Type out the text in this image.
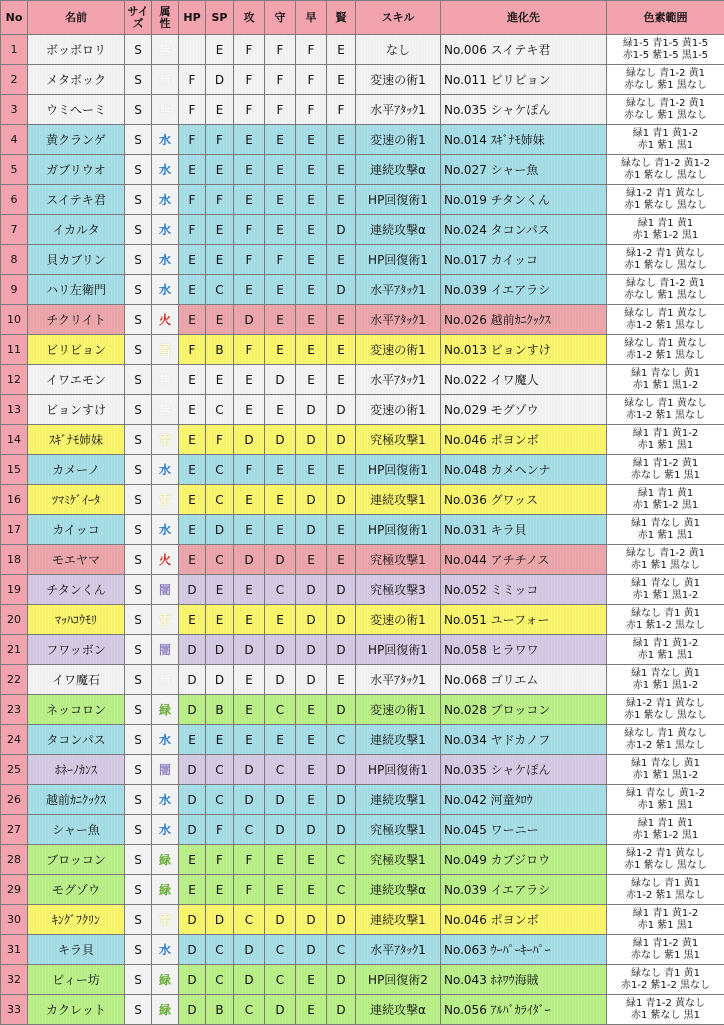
No	名前	サイ
ズ	属
性	HP	SP	攻	守	早	賢	スキル	進化先	色素範囲
1	ボッボロリ	S	無		E	F	F	F	E	なし	No.006 スイテキ君	緑1-5 青1-5 黄1-5
赤1-5 紫1-5 黒1-5
2	メタボック	S	無	F	D	F	F	F	E	変速の術1	No.011 ビリビョン	緑なし 青1-2 黄1
赤なし 紫1 黒なし
3	ウミへーミ	S	無	F	E	F	F	F	F	水平ｱﾀｯｸ1	No.035 シャケぽん	緑なし 青1-2 黄1
赤なし 紫1 黒なし
4	黄クランゲ	S	水	F	F	E	E	E	E	変速の術1	No.014 ｽｷﾞﾅﾓ姉妹	緑1 青1 黄1-2
赤1 紫1 黒1
5	ガブリウオ	S	水	E	E	E	E	E	E	連続攻撃α	No.027 シャー魚	緑なし 青1-2 黄1-2
赤1 紫なし 黒なし
6	スイテキ君	S	水	F	F	E	E	E	E	HP回復術1	No.019 チタンくん	緑1-2 青1 黄なし
赤1 紫なし 黒なし
7	イカルタ	S	水	F	E	F	E	E	D	連続攻撃α	No.024 タコンパス	緑1 青1 黄1
赤1 紫1-2 黒1
8	貝カブリン	S	水	E	E	F	F	E	E	HP回復術1	No.017 カイッコ	緑1-2 青1 黄なし
赤1 紫なし 黒なし
9	ハリ左衛門	S	水	E	C	E	E	E	D	水平ｱﾀｯｸ1	No.039 イエアラシ	緑なし 青1-2 黄1
赤なし 紫1 黒なし
10	チクリイト	S	火	E	E	D	E	E	E	水平ｱﾀｯｸ1	No.026 越前ｶﾆｸｯｸｽ	緑なし 青1 黄なし
赤1-2 紫1 黒なし
11	ビリビョン	S	雷	F	B	F	E	E	E	変速の術1	No.013 ビョンすけ	緑なし 青1 黄なし
赤1-2 紫1 黒なし
12	イワエモン	S	無	E	E	E	D	E	E	水平ｱﾀｯｸ1	No.022 イワ魔人	緑1 青なし 黄1
赤1 紫1 黒1-2
13	ビョンすけ	S	無	E	C	E	E	D	D	変速の術1	No.029 モグゾウ	緑なし 青1 黄なし
赤1-2 紫1 黒なし
14	ｽｷﾞﾅﾓ姉妹	S	雷	E	F	D	D	D	D	究極攻撃1	No.046 ポヨンボ	緑1 青1 黄1-2
赤1 紫1 黒1
15	カメーノ	S	水	E	C	F	E	E	E	HP回復術1	No.048 カメヘンナ	緑1 青1-2 黄1
赤なし 紫1 黒1
16	ﾂﾏﾐｹﾞｲｰﾀ	S	雷	E	C	E	E	D	D	連続攻撃1	No.036 グワッス	緑1 青1 黄1
赤1 紫1-2 黒1
17	カイッコ	S	水	E	D	E	E	D	E	HP回復術1	No.031 キラ貝	緑1 青なし 黄1
赤1 紫1 黒1
18	モエヤマ	S	火	E	C	D	D	E	E	究極攻撃1	No.044 アチチノス	緑なし 青1-2 黄1
赤1 紫1 黒なし
19	チタンくん	S	闇	D	E	E	C	D	D	究極攻撃3	No.052 ミミッコ	緑1 青なし 黄1
赤1 紫1 黒1-2
20	ﾏｯﾊｺｳﾓﾘ	S	雷	E	E	E	E	D	D	変速の術1	No.051 ユーフォー	緑なし 青1 黄1
赤1 紫1-2 黒なし
21	フワッボン	S	闇	D	D	D	D	D	D	HP回復術1	No.058 ヒラワワ	緑1 青1 黄1-2
赤1 紫1 黒1
22	イワ魔石	S	無	D	D	E	D	D	E	水平ｱﾀｯｸ1	No.068 ゴリエム	緑1 青なし 黄1
赤1 紫1 黒1-2
23	ネッコロン	S	緑	D	B	E	C	E	D	変速の術1	No.028 ブロッコン	緑1-2 青1 黄なし
赤1 紫なし 黒なし
24	タコンパス	S	水	E	E	E	E	E	C	連続攻撃1	No.034 ヤドカノフ	緑なし 青1 黄なし
赤1-2 紫1 黒なし
25	ﾎﾈｰﾉｶﾝｽ	S	闇	D	C	D	C	E	D	HP回復術1	No.035 シャケぽん	緑1 青なし 黄1
赤1 紫1 黒1-2
26	越前ｶﾆｸｯｸｽ	S	水	D	C	D	D	E	D	連続攻撃1	No.042 河童ﾀﾛｳ	緑1 青なし 黄1-2
赤1 紫1 黒1
27	シャー魚	S	水	D	F	C	D	D	D	究極攻撃1	No.045 ワーニー	緑1 青1 黄1
赤1 紫1-2 黒1
28	ブロッコン	S	緑	E	F	F	E	E	C	究極攻撃1	No.049 カブジロウ	緑1-2 青1 黄なし
赤1 紫なし 黒なし
29	モグゾウ	S	緑	E	E	F	E	E	C	連続攻撃α	No.039 イエアラシ	緑なし 青1 黄1
赤1-2 紫1 黒なし
30	ｷﾝｸﾞﾌｸﾘﾝ	S	雷	D	D	C	D	D	D	連続攻撃1	No.046 ポヨンボ	緑1 青1 黄1-2
赤1 紫1 黒1
31	キラ貝	S	水	D	C	D	C	D	C	水平ｱﾀｯｸ1	No.063 ｳｰﾊﾟｰｷｰﾊﾟｰ	緑1 青1-2 黄1
赤なし 紫1 黒1
32	ピィー坊	S	緑	D	C	D	C	E	D	HP回復術2	No.043 ﾎﾈﾜｳ海賊	緑なし 青1 黄1
赤1-2 紫1-2 黒なし
33	カクレット	S	緑	D	B	C	D	E	D	連続攻撃α	No.056 ｱﾙﾊﾞｶﾗｲﾀﾞｰ	緑1 青1-2 黄なし
赤1 紫なし 黒1
